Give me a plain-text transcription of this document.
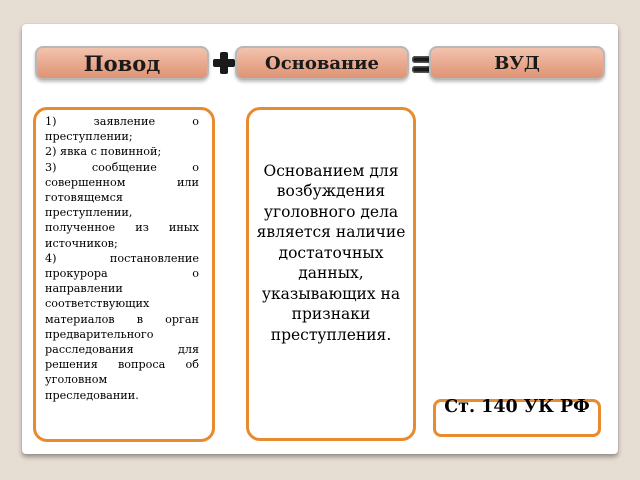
Повод	Основание	ВУД
1) заявление о преступлении;
2) явка с повинной;
3) сообщение о совершенном или готовящемся преступлении, полученное из иных источников;
4) постановление прокурора о направлении соответствующих материалов в орган предварительного расследования для решения вопроса об уголовном преследовании.
Основанием для возбуждения уголовного дела является наличие достаточных данных, указывающих на признаки преступления.
Ст. 140 УК РФ
